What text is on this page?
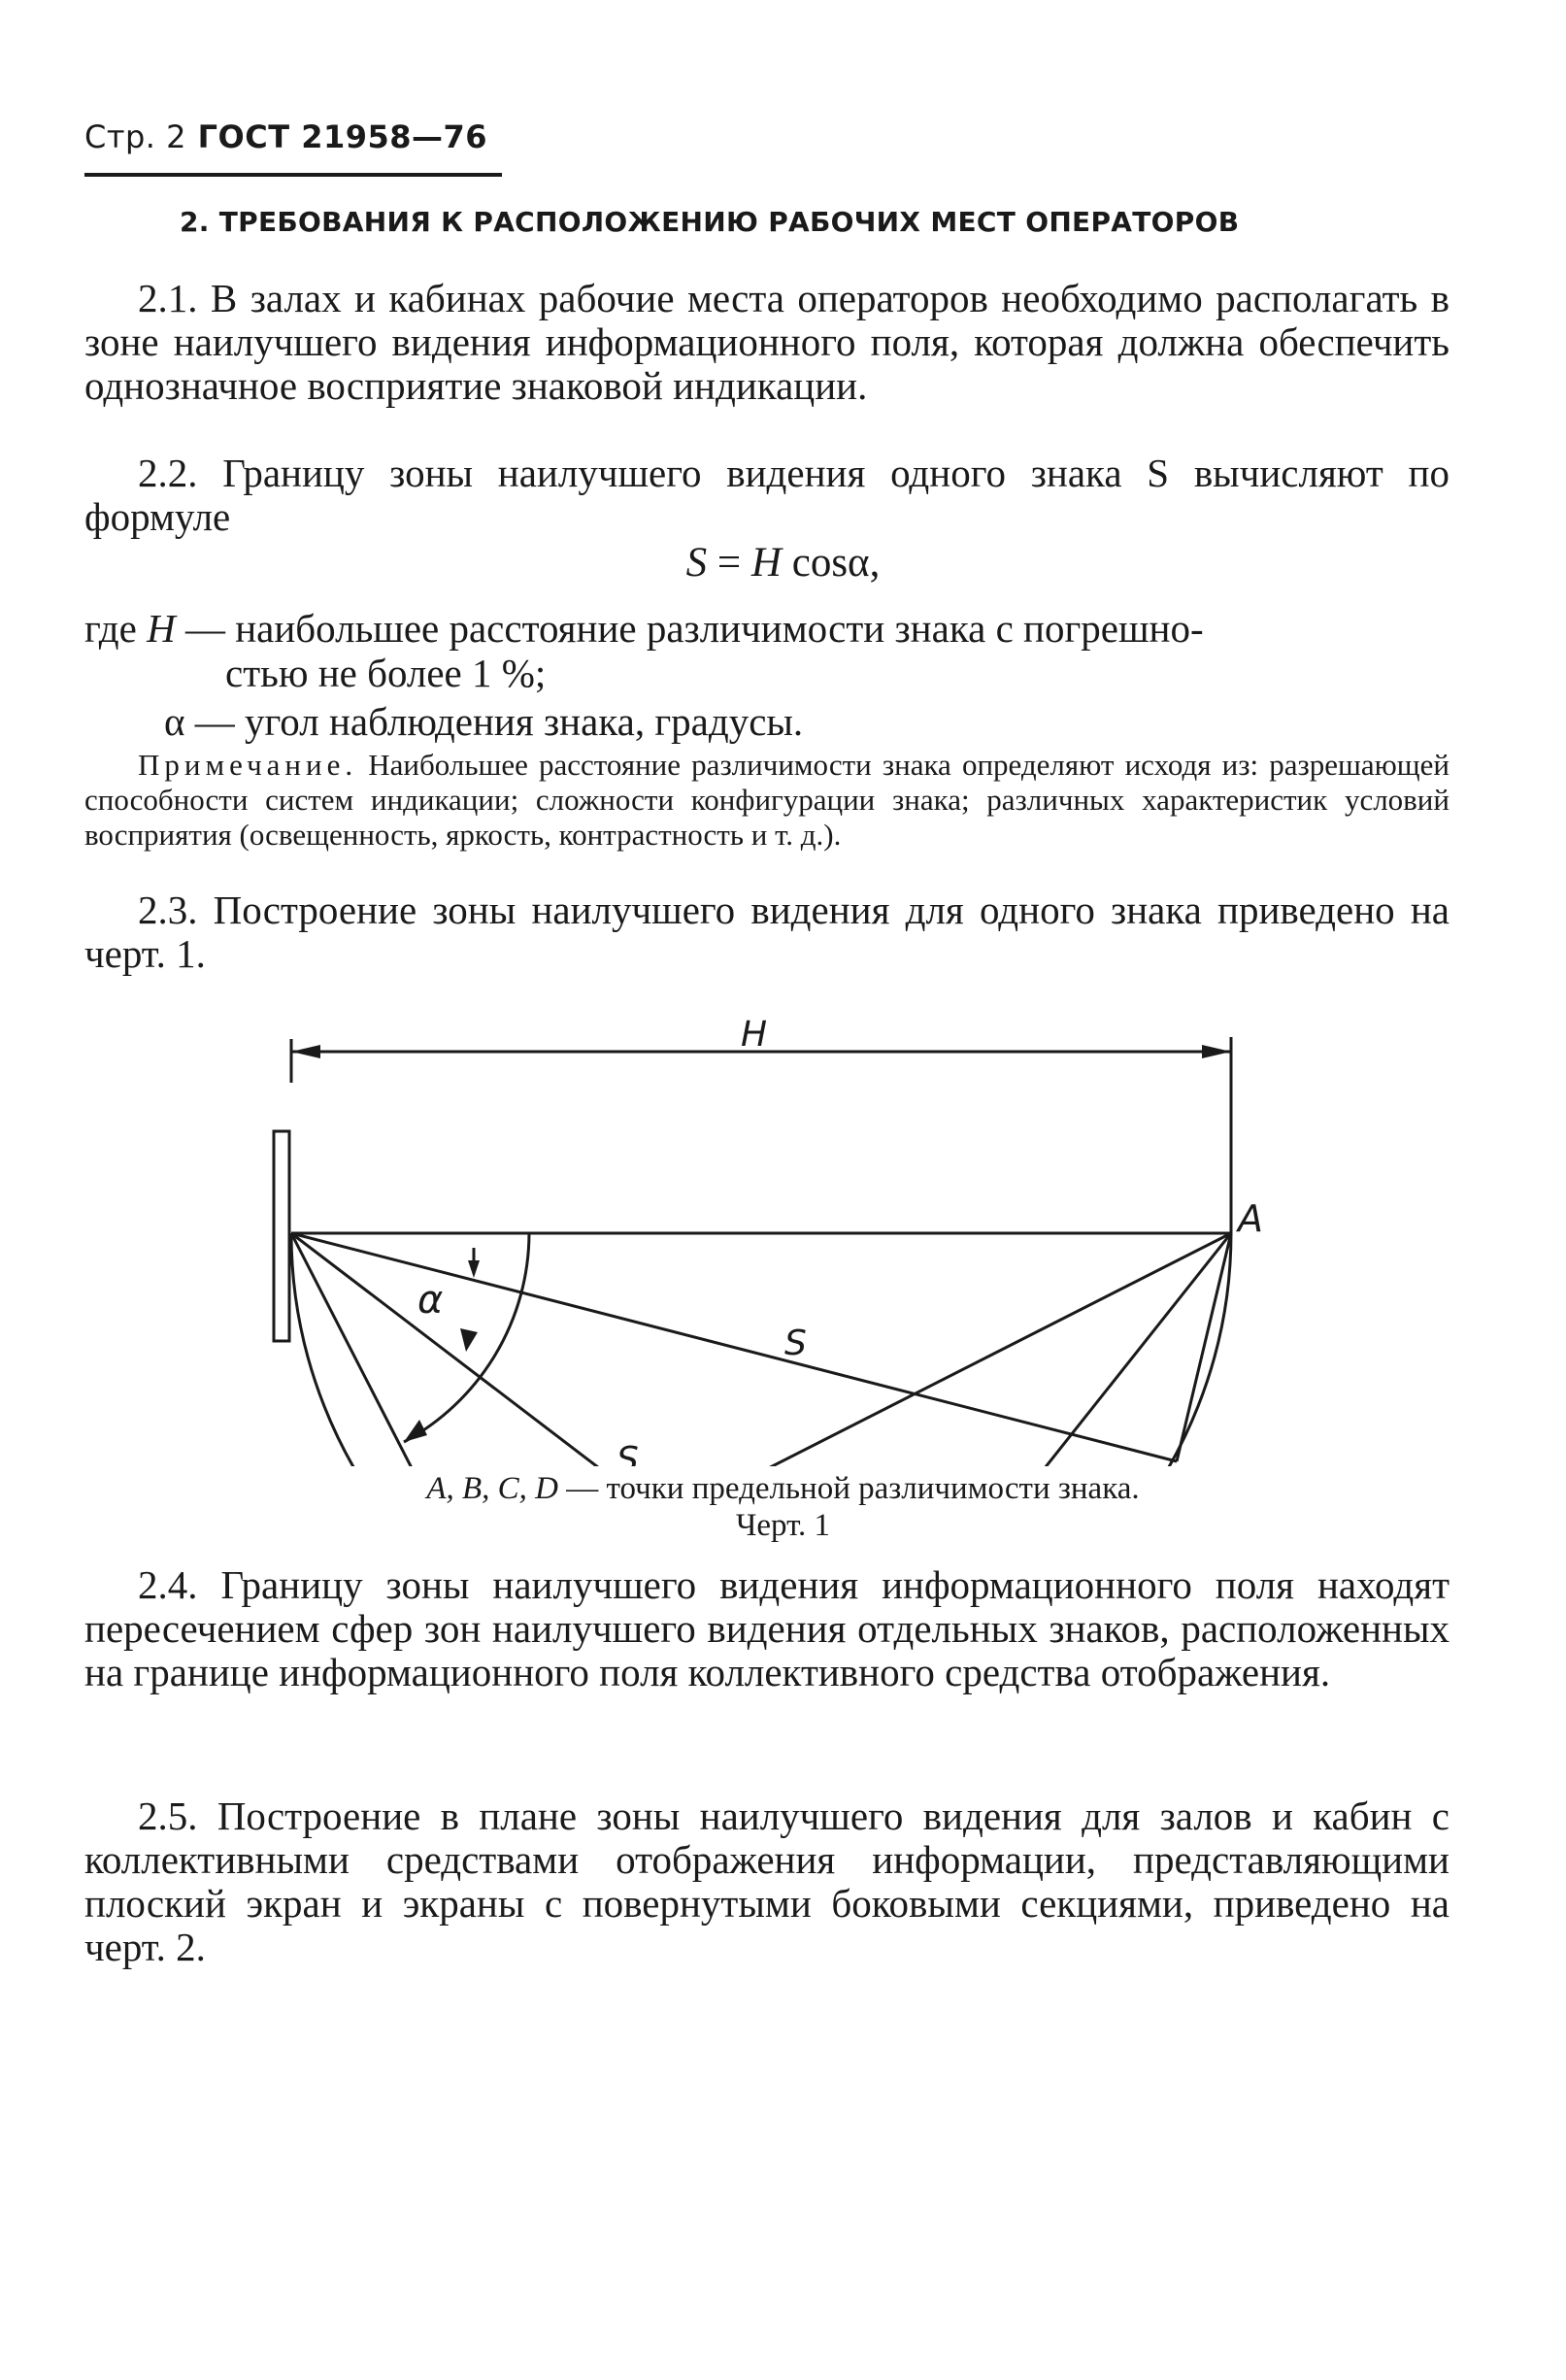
Стр. 2 ГОСТ 21958—76
2. ТРЕБОВАНИЯ К РАСПОЛОЖЕНИЮ РАБОЧИХ МЕСТ ОПЕРАТОРОВ

2.1. В залах и кабинах рабочие места операторов необходимо располагать в зоне наилучшего видения информационного поля, которая должна обеспечить однозначное восприятие знаковой индикации.

2.2. Границу зоны наилучшего видения одного знака S вычисляют по формуле

S = H cosα,
где H — наибольшее расстояние различимости знака с погрешно-
стью не более 1 %;
α — угол наблюдения знака, градусы.

Примечание. Наибольшее расстояние различимости знака определяют исходя из: разрешающей способности систем индикации; сложности конфигурации знака; различных характеристик условий восприятия (освещенность, яркость, контрастность и т. д.).

2.3. Построение зоны наилучшего видения для одного знака приведено на черт. 1.

H
A
α
S
S
A, B, C, D — точки предельной различимости знака.
Черт. 1

2.4. Границу зоны наилучшего видения информационного поля находят пересечением сфер зон наилучшего видения отдельных знаков, расположенных на границе информационного поля коллективного средства отображения.

2.5. Построение в плане зоны наилучшего видения для залов и кабин с коллективными средствами отображения информации, представляющими плоский экран и экраны с повернутыми боковыми секциями, приведено на черт. 2.
